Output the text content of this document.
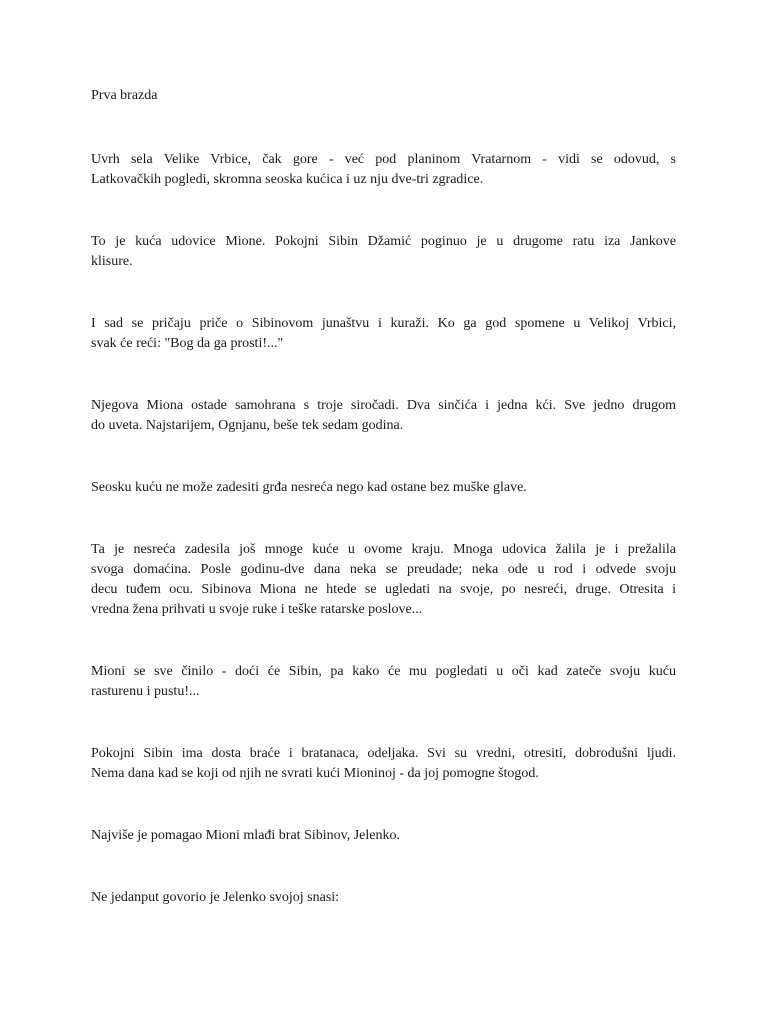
Prva brazda
Uvrh sela Velike Vrbice, čak gore - već pod planinom Vratarnom - vidi se odovud, s
Latkovačkih pogledi, skromna seoska kućica i uz nju dve-tri zgradice.
To je kuća udovice Mione. Pokojni Sibin Džamić poginuo je u drugome ratu iza Jankove
klisure.
I sad se pričaju priče o Sibinovom junaštvu i kuraži. Ko ga god spomene u Velikoj Vrbici,
svak će reći: "Bog da ga prosti!..."
Njegova Miona ostade samohrana s troje siročadi. Dva sinčića i jedna kći. Sve jedno drugom
do uveta. Najstarijem, Ognjanu, beše tek sedam godina.
Seosku kuću ne može zadesiti grđa nesreća nego kad ostane bez muške glave.
Ta je nesreća zadesila još mnoge kuće u ovome kraju. Mnoga udovica žalila je i prežalila
svoga domaćina. Posle godinu-dve dana neka se preudade; neka ode u rod i odvede svoju
decu tuđem ocu. Sibinova Miona ne htede se ugledati na svoje, po nesreći, druge. Otresita i
vredna žena prihvati u svoje ruke i teške ratarske poslove...
Mioni se sve činilo - doći će Sibin, pa kako će mu pogledati u oči kad zateče svoju kuću
rasturenu i pustu!...
Pokojni Sibin ima dosta braće i bratanaca, odeljaka. Svi su vredni, otresiti, dobrodušni ljudi.
Nema dana kad se koji od njih ne svrati kući Mioninoj - da joj pomogne štogod.
Najviše je pomagao Mioni mlađi brat Sibinov, Jelenko.
Ne jedanput govorio je Jelenko svojoj snasi:
